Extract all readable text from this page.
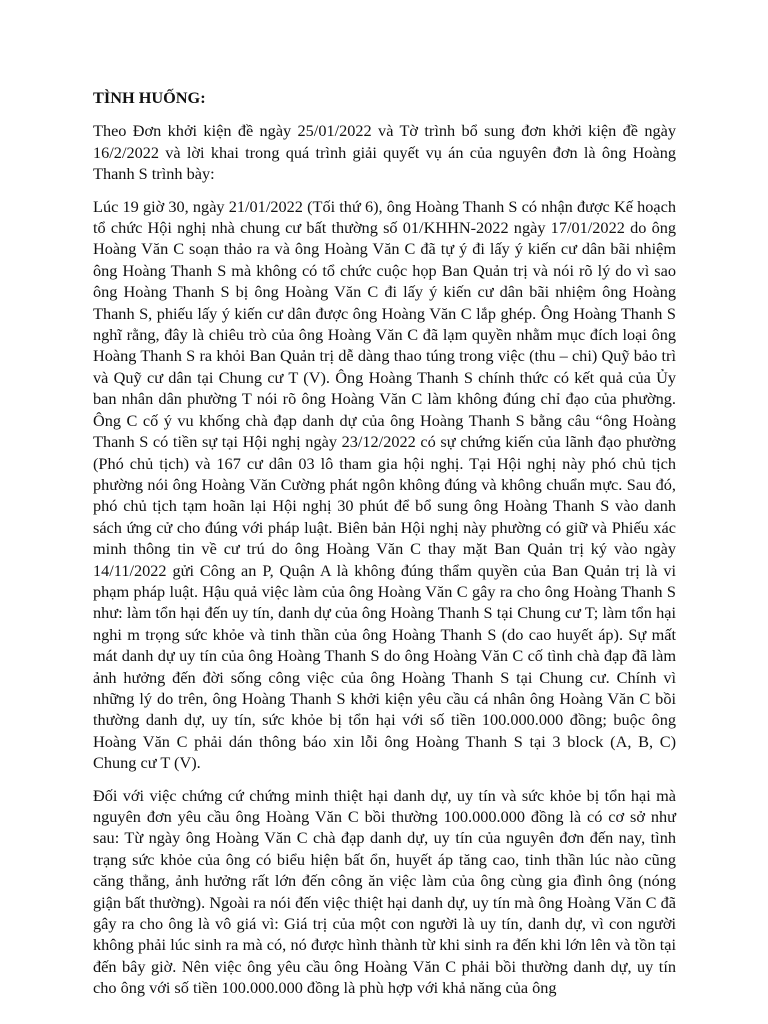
TÌNH HUỐNG:

Theo Đơn khởi kiện đề ngày 25/01/2022 và Tờ trình bổ sung đơn khởi kiện đề ngày 16/2/2022 và lời khai trong quá trình giải quyết vụ án của nguyên đơn là ông Hoàng Thanh S trình bày:

Lúc 19 giờ 30, ngày 21/01/2022 (Tối thứ 6), ông Hoàng Thanh S có nhận được Kế hoạch tổ chức Hội nghị nhà chung cư bất thường số 01/KHHN-2022 ngày 17/01/2022 do ông Hoàng Văn C soạn thảo ra và ông Hoàng Văn C đã tự ý đi lấy ý kiến cư dân bãi nhiệm ông Hoàng Thanh S mà không có tổ chức cuộc họp Ban Quản trị và nói rõ lý do vì sao ông Hoàng Thanh S bị ông Hoàng Văn C đi lấy ý kiến cư dân bãi nhiệm ông Hoàng Thanh S, phiếu lấy ý kiến cư dân được ông Hoàng Văn C lắp ghép. Ông Hoàng Thanh S nghĩ rằng, đây là chiêu trò của ông Hoàng Văn C đã lạm quyền nhằm mục đích loại ông Hoàng Thanh S ra khỏi Ban Quản trị dễ dàng thao túng trong việc (thu – chi) Quỹ bảo trì và Quỹ cư dân tại Chung cư T (V). Ông Hoàng Thanh S chính thức có kết quả của Ủy ban nhân dân phường T nói rõ ông Hoàng Văn C làm không đúng chỉ đạo của phường. Ông C cố ý vu khống chà đạp danh dự của ông Hoàng Thanh S bằng câu “ông Hoàng Thanh S có tiền sự tại Hội nghị ngày 23/12/2022 có sự chứng kiến của lãnh đạo phường (Phó chủ tịch) và 167 cư dân 03 lô tham gia hội nghị. Tại Hội nghị này phó chủ tịch phường nói ông Hoàng Văn Cường phát ngôn không đúng và không chuẩn mực. Sau đó, phó chủ tịch tạm hoãn lại Hội nghị 30 phút để bổ sung ông Hoàng Thanh S vào danh sách ứng cử cho đúng với pháp luật. Biên bản Hội nghị này phường có giữ và Phiếu xác minh thông tin về cư trú do ông Hoàng Văn C thay mặt Ban Quản trị ký vào ngày 14/11/2022 gửi Công an P, Quận A là không đúng thẩm quyền của Ban Quản trị là vi phạm pháp luật. Hậu quả việc làm của ông Hoàng Văn C gây ra cho ông Hoàng Thanh S như: làm tổn hại đến uy tín, danh dự của ông Hoàng Thanh S tại Chung cư T; làm tổn hại nghi m trọng sức khỏe và tinh thần của ông Hoàng Thanh S (do cao huyết áp). Sự mất mát danh dự uy tín của ông Hoàng Thanh S do ông Hoàng Văn C cố tình chà đạp đã làm ảnh hưởng đến đời sống công việc của ông Hoàng Thanh S tại Chung cư. Chính vì những lý do trên, ông Hoàng Thanh S khởi kiện yêu cầu cá nhân ông Hoàng Văn C bồi thường danh dự, uy tín, sức khỏe bị tổn hại với số tiền 100.000.000 đồng; buộc ông Hoàng Văn C phải dán thông báo xin lỗi ông Hoàng Thanh S tại 3 block (A, B, C) Chung cư T (V).

Đối với việc chứng cứ chứng minh thiệt hại danh dự, uy tín và sức khỏe bị tổn hại mà nguyên đơn yêu cầu ông Hoàng Văn C bồi thường 100.000.000 đồng là có cơ sở như sau: Từ ngày ông Hoàng Văn C chà đạp danh dự, uy tín của nguyên đơn đến nay, tình trạng sức khỏe của ông có biểu hiện bất ổn, huyết áp tăng cao, tinh thần lúc nào cũng căng thẳng, ảnh hưởng rất lớn đến công ăn việc làm của ông cùng gia đình ông (nóng giận bất thường). Ngoài ra nói đến việc thiệt hại danh dự, uy tín mà ông Hoàng Văn C đã gây ra cho ông là vô giá vì: Giá trị của một con người là uy tín, danh dự, vì con người không phải lúc sinh ra mà có, nó được hình thành từ khi sinh ra đến khi lớn lên và tồn tại đến bây giờ. Nên việc ông yêu cầu ông Hoàng Văn C phải bồi thường danh dự, uy tín cho ông với số tiền 100.000.000 đồng là phù hợp với khả năng của ông
